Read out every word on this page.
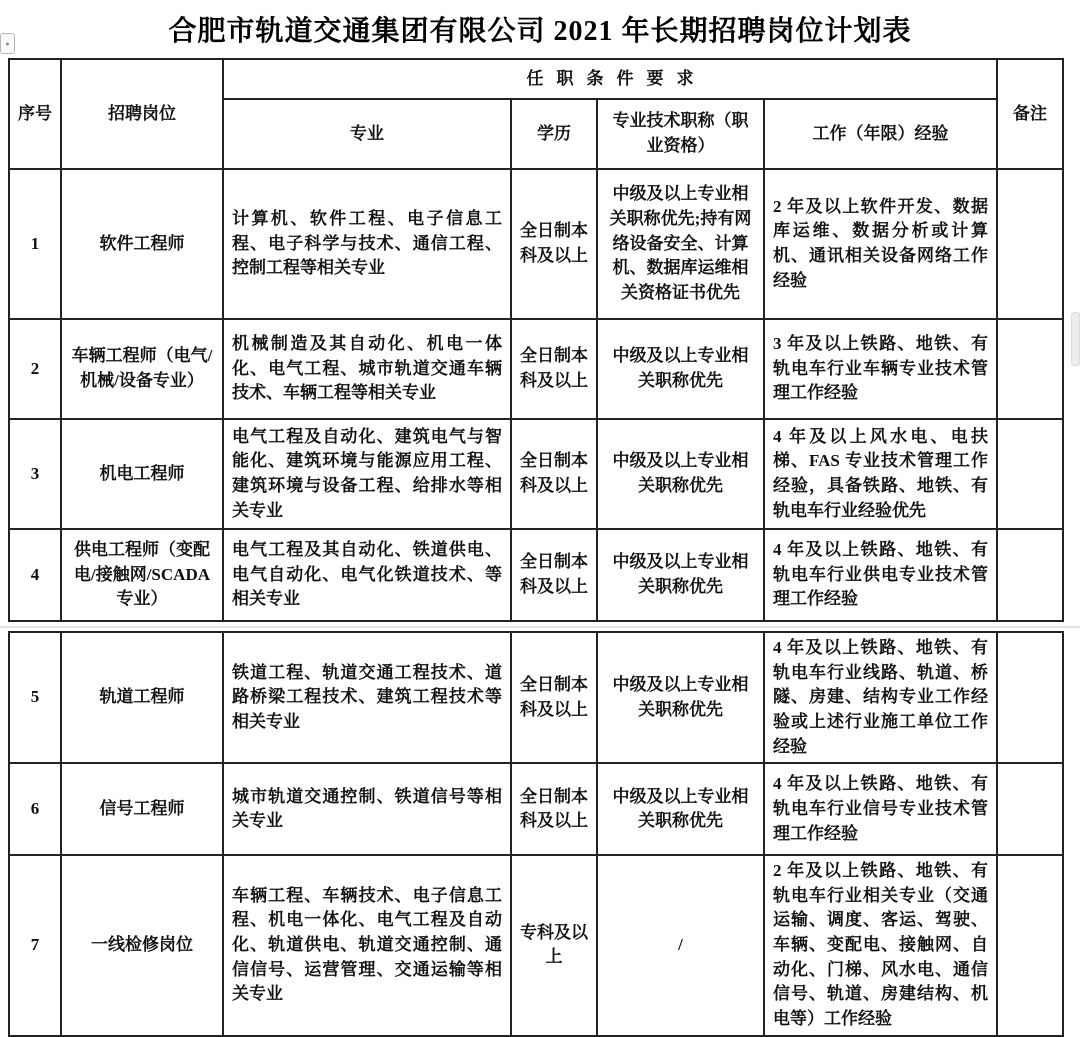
合肥市轨道交通集团有限公司 2021 年长期招聘岗位计划表
●
序号	招聘岗位	任职条件要求				备注
		专业	学历	专业技术职称（职业资格）	工作（年限）经验	
1	软件工程师	计算机、软件工程、电子信息工程、电子科学与技术、通信工程、控制工程等相关专业	全日制本科及以上	中级及以上专业相关职称优先;持有网络设备安全、计算机、数据库运维相关资格证书优先	2 年及以上软件开发、数据库运维、数据分析或计算机、通讯相关设备网络工作经验	
2	车辆工程师（电气/机械/设备专业）	机械制造及其自动化、机电一体化、电气工程、城市轨道交通车辆技术、车辆工程等相关专业	全日制本科及以上	中级及以上专业相关职称优先	3 年及以上铁路、地铁、有轨电车行业车辆专业技术管理工作经验	
3	机电工程师	电气工程及自动化、建筑电气与智能化、建筑环境与能源应用工程、建筑环境与设备工程、给排水等相关专业	全日制本科及以上	中级及以上专业相关职称优先	4 年及以上风水电、电扶梯、FAS 专业技术管理工作经验，具备铁路、地铁、有轨电车行业经验优先	
4	供电工程师（变配电/接触网/SCADA 专业）	电气工程及其自动化、铁道供电、电气自动化、电气化铁道技术、等相关专业	全日制本科及以上	中级及以上专业相关职称优先	4 年及以上铁路、地铁、有轨电车行业供电专业技术管理工作经验	
5	轨道工程师	铁道工程、轨道交通工程技术、道路桥梁工程技术、建筑工程技术等相关专业	全日制本科及以上	中级及以上专业相关职称优先	4 年及以上铁路、地铁、有轨电车行业线路、轨道、桥隧、房建、结构专业工作经验或上述行业施工单位工作经验	
6	信号工程师	城市轨道交通控制、铁道信号等相关专业	全日制本科及以上	中级及以上专业相关职称优先	4 年及以上铁路、地铁、有轨电车行业信号专业技术管理工作经验	
7	一线检修岗位	车辆工程、车辆技术、电子信息工程、机电一体化、电气工程及自动化、轨道供电、轨道交通控制、通信信号、运营管理、交通运输等相关专业	专科及以上	/	2 年及以上铁路、地铁、有轨电车行业相关专业（交通运输、调度、客运、驾驶、车辆、变配电、接触网、自动化、门梯、风水电、通信信号、轨道、房建结构、机电等）工作经验	
